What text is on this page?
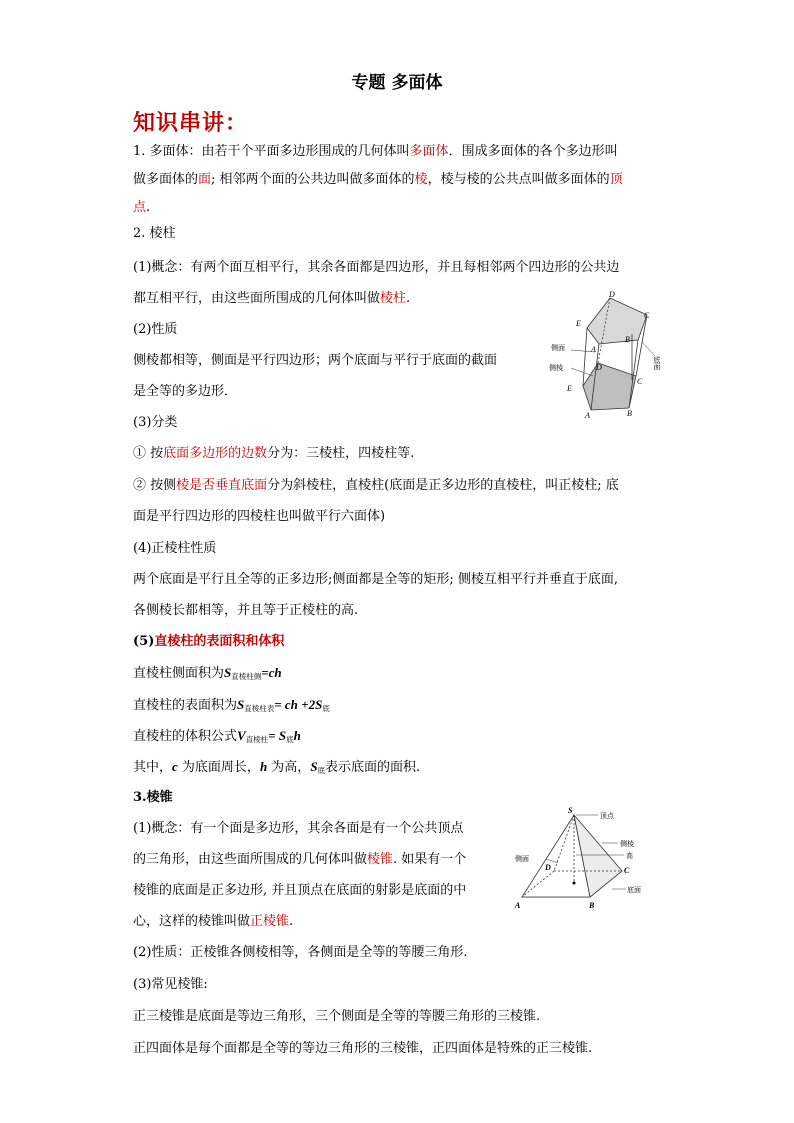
专题 多面体
知识串讲：
1. 多面体：由若干个平面多边形围成的几何体叫多面体．围成多面体的各个多边形叫
做多面体的面; 相邻两个面的公共边叫做多面体的棱，棱与棱的公共点叫做多面体的顶
点.
2. 棱柱
(1)概念：有两个面互相平行，其余各面都是四边形，并且每相邻两个四边形的公共边
都互相平行，由这些面所围成的几何体叫做棱柱.
(2)性质
侧棱都相等，侧面是平行四边形；两个底面与平行于底面的截面
是全等的多边形．
(3)分类
① 按底面多边形的边数分为：三棱柱，四棱柱等.
② 按侧棱是否垂直底面分为斜棱柱，直棱柱(底面是正多边形的直棱柱，叫正棱柱; 底
面是平行四边形的四棱柱也叫做平行六面体)
(4)正棱柱性质
两个底面是平行且全等的正多边形;侧面都是全等的矩形; 侧棱互相平行并垂直于底面,
各侧棱长都相等，并且等于正棱柱的高.
(5)直棱柱的表面积和体积
直棱柱侧面积为$S_{直棱柱侧}=ch$
直棱柱的表面积为$S_{直棱柱表}=$ ch $+2S_底$
直棱柱的体积公式$V_{直棱柱}= S_底h$
其中，c 为底面周长，h 为高，$S_底$表示底面的面积.
3.棱锥
(1)概念：有一个面是多边形，其余各面是有一个公共顶点
的三角形，由这些面所围成的几何体叫做棱锥. 如果有一个
棱锥的底面是正多边形, 并且顶点在底面的射影是底面的中
心，这样的棱锥叫做正棱锥.
(2)性质：正棱锥各侧棱相等，各侧面是全等的等腰三角形.
(3)常见棱锥:
正三棱锥是底面是等边三角形，三个侧面是全等的等腰三角形的三棱锥.
正四面体是每个面都是全等的等边三角形的三棱锥，正四面体是特殊的正三棱锥.
D
E
C
A
B
D
E
C
A	B
侧面
侧棱	底面
S
D	C
A	B
顶点
侧棱
高
侧面
底面
